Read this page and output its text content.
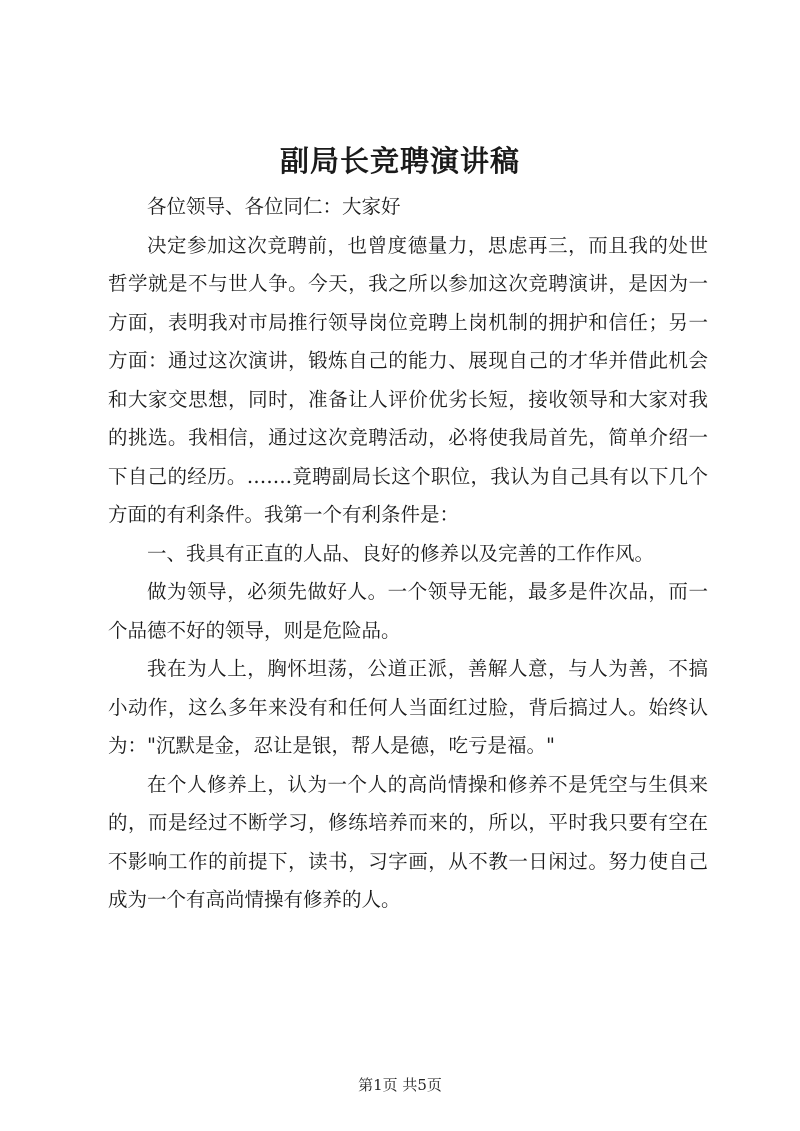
副局长竞聘演讲稿

各位领导、各位同仁：大家好

决定参加这次竞聘前，也曾度德量力，思虑再三，而且我的处世哲学就是不与世人争。今天，我之所以参加这次竞聘演讲，是因为一方面，表明我对市局推行领导岗位竞聘上岗机制的拥护和信任；另一方面：通过这次演讲，锻炼自己的能力、展现自己的才华并借此机会和大家交思想，同时，准备让人评价优劣长短，接收领导和大家对我的挑选。我相信，通过这次竞聘活动，必将使我局首先，简单介绍一下自己的经历。…….竟聘副局长这个职位，我认为自己具有以下几个方面的有利条件。我第一个有利条件是：

一、我具有正直的人品、良好的修养以及完善的工作作风。

做为领导，必须先做好人。一个领导无能，最多是件次品，而一个品德不好的领导，则是危险品。

我在为人上，胸怀坦荡，公道正派，善解人意，与人为善，不搞小动作，这么多年来没有和任何人当面红过脸，背后搞过人。始终认为："沉默是金，忍让是银，帮人是德，吃亏是福。"

在个人修养上，认为一个人的高尚情操和修养不是凭空与生俱来的，而是经过不断学习，修练培养而来的，所以，平时我只要有空在不影响工作的前提下，读书，习字画，从不教一日闲过。努力使自己成为一个有高尚情操有修养的人。

第1页 共5页
